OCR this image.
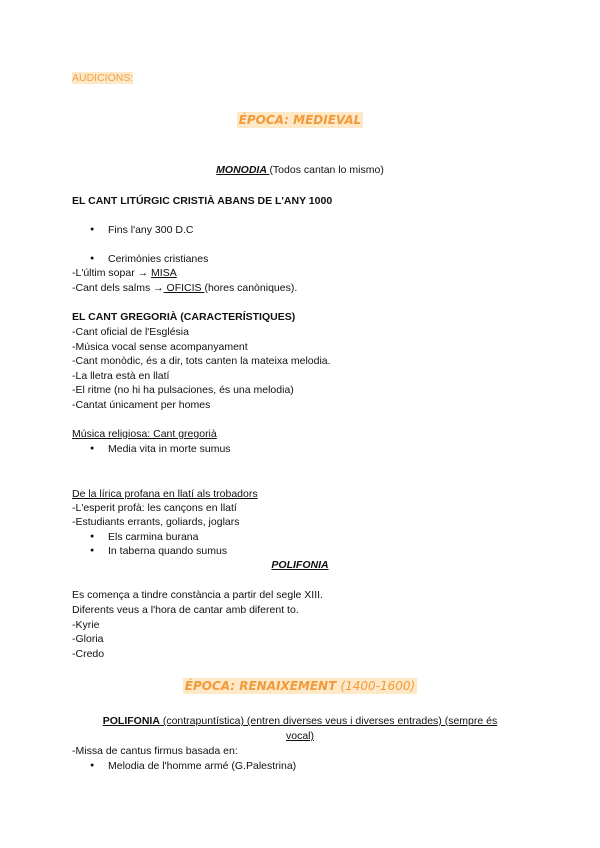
AUDICIONS:
ÉPOCA: MEDIEVAL
MONODIA (Todos cantan lo mismo)
EL CANT LITÚRGIC CRISTIÀ ABANS DE L'ANY 1000
● Fins l'any 300 D.C
● Cerimònies cristianes
-L'últim sopar → MISA
-Cant dels salms → OFICIS (hores canòniques).
EL CANT GREGORIÀ (CARACTERÍSTIQUES)
-Cant oficial de l'Església
-Música vocal sense acompanyament
-Cant monòdic, és a dir, tots canten la mateixa melodia.
-La lletra està en llatí
-El ritme (no hi ha pulsaciones, és una melodia)
-Cantat únicament per homes
Música religiosa: Cant gregorià
● Media vita in morte sumus
De la lírica profana en llatí als trobadors
-L'esperit profà: les cançons en llatí
-Estudiants errants, goliards, joglars
● Els carmina burana
● In taberna quando sumus
POLIFONIA
Es comença a tindre constància a partir del segle XIII.
Diferents veus a l'hora de cantar amb diferent to.
-Kyrie
-Gloria
-Credo
ÉPOCA: RENAIXEMENT (1400-1600)
POLIFONIA (contrapuntística) (entren diverses veus i diverses entrades) (sempre és
vocal)
-Missa de cantus firmus basada en:
● Melodia de l'homme armé (G.Palestrina)
